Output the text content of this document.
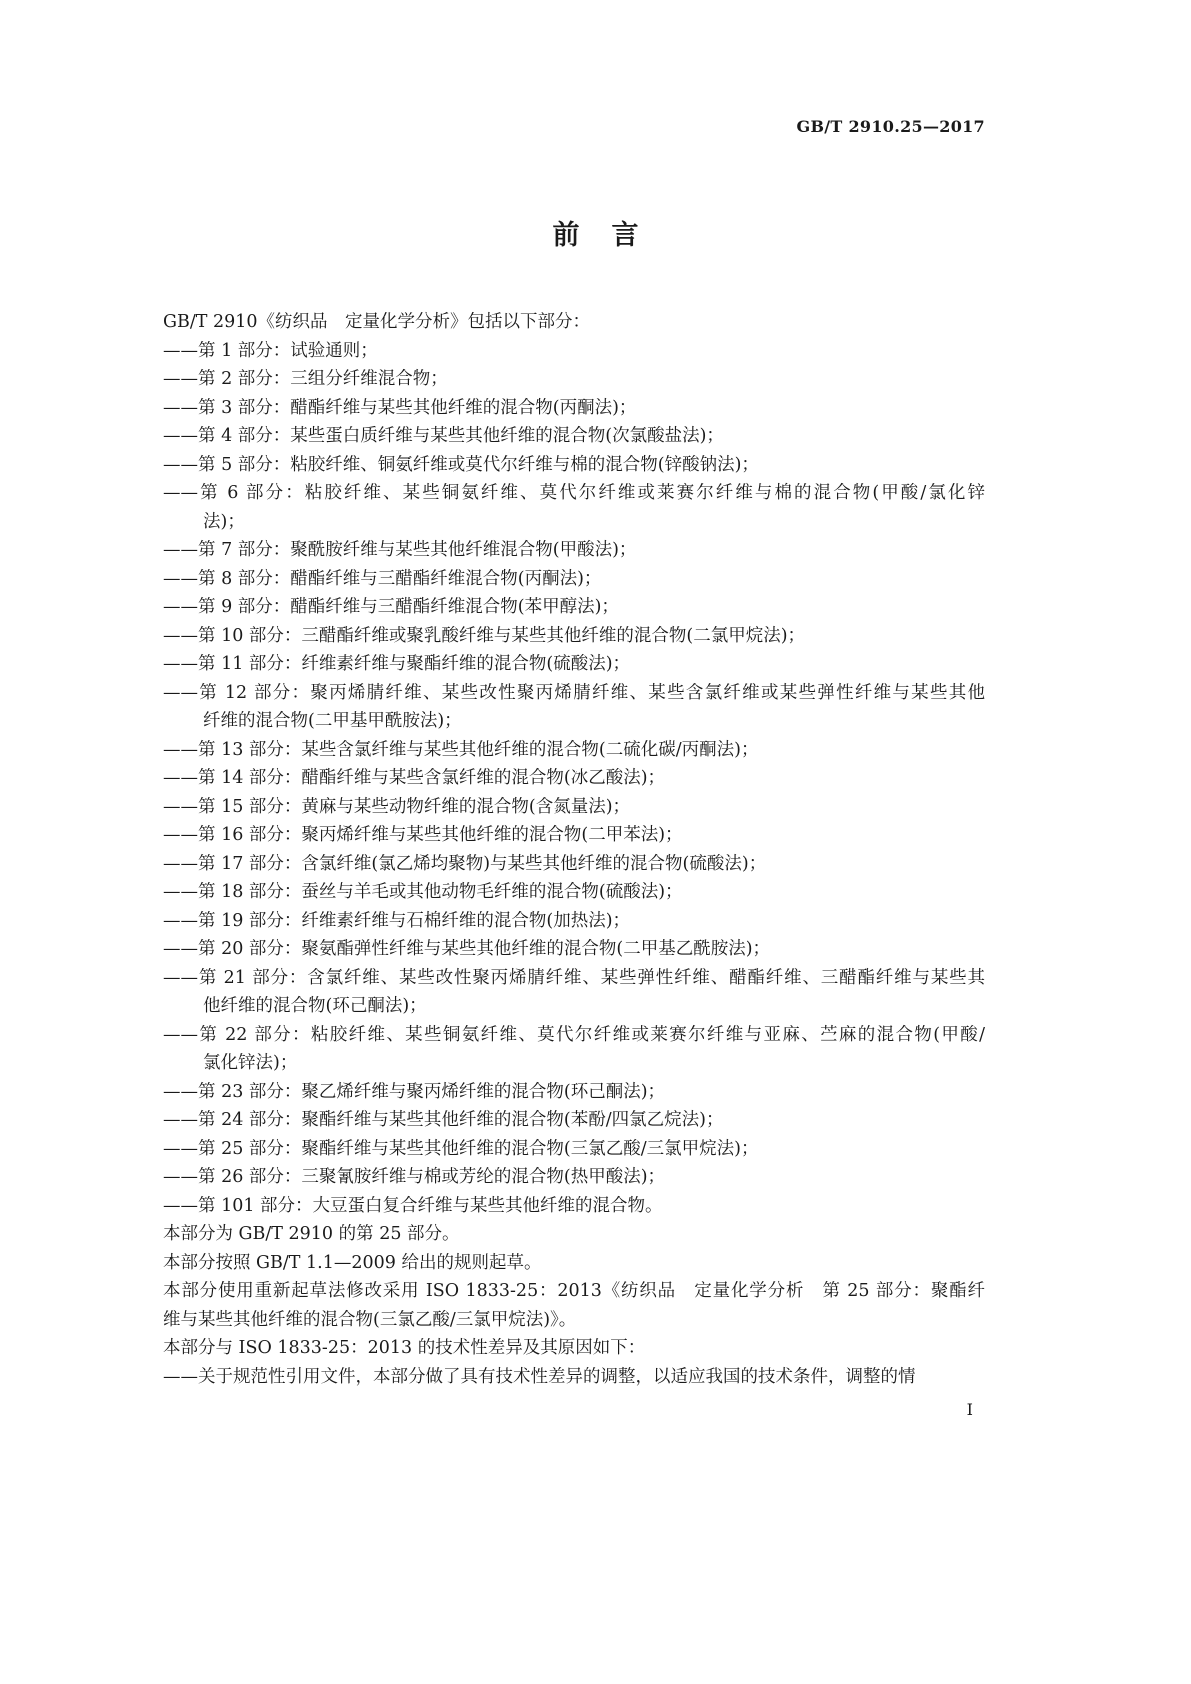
GB/T 2910.25—2017
前 言
GB/T 2910《纺织品　定量化学分析》包括以下部分：
——第 1 部分：试验通则；
——第 2 部分：三组分纤维混合物；
——第 3 部分：醋酯纤维与某些其他纤维的混合物(丙酮法)；
——第 4 部分：某些蛋白质纤维与某些其他纤维的混合物(次氯酸盐法)；
——第 5 部分：粘胶纤维、铜氨纤维或莫代尔纤维与棉的混合物(锌酸钠法)；
——第 6 部分：粘胶纤维、某些铜氨纤维、莫代尔纤维或莱赛尔纤维与棉的混合物(甲酸/氯化锌
法)；
——第 7 部分：聚酰胺纤维与某些其他纤维混合物(甲酸法)；
——第 8 部分：醋酯纤维与三醋酯纤维混合物(丙酮法)；
——第 9 部分：醋酯纤维与三醋酯纤维混合物(苯甲醇法)；
——第 10 部分：三醋酯纤维或聚乳酸纤维与某些其他纤维的混合物(二氯甲烷法)；
——第 11 部分：纤维素纤维与聚酯纤维的混合物(硫酸法)；
——第 12 部分：聚丙烯腈纤维、某些改性聚丙烯腈纤维、某些含氯纤维或某些弹性纤维与某些其他
纤维的混合物(二甲基甲酰胺法)；
——第 13 部分：某些含氯纤维与某些其他纤维的混合物(二硫化碳/丙酮法)；
——第 14 部分：醋酯纤维与某些含氯纤维的混合物(冰乙酸法)；
——第 15 部分：黄麻与某些动物纤维的混合物(含氮量法)；
——第 16 部分：聚丙烯纤维与某些其他纤维的混合物(二甲苯法)；
——第 17 部分：含氯纤维(氯乙烯均聚物)与某些其他纤维的混合物(硫酸法)；
——第 18 部分：蚕丝与羊毛或其他动物毛纤维的混合物(硫酸法)；
——第 19 部分：纤维素纤维与石棉纤维的混合物(加热法)；
——第 20 部分：聚氨酯弹性纤维与某些其他纤维的混合物(二甲基乙酰胺法)；
——第 21 部分：含氯纤维、某些改性聚丙烯腈纤维、某些弹性纤维、醋酯纤维、三醋酯纤维与某些其
他纤维的混合物(环己酮法)；
——第 22 部分：粘胶纤维、某些铜氨纤维、莫代尔纤维或莱赛尔纤维与亚麻、苎麻的混合物(甲酸/
氯化锌法)；
——第 23 部分：聚乙烯纤维与聚丙烯纤维的混合物(环己酮法)；
——第 24 部分：聚酯纤维与某些其他纤维的混合物(苯酚/四氯乙烷法)；
——第 25 部分：聚酯纤维与某些其他纤维的混合物(三氯乙酸/三氯甲烷法)；
——第 26 部分：三聚氰胺纤维与棉或芳纶的混合物(热甲酸法)；
——第 101 部分：大豆蛋白复合纤维与某些其他纤维的混合物。
本部分为 GB/T 2910 的第 25 部分。
本部分按照 GB/T 1.1—2009 给出的规则起草。
本部分使用重新起草法修改采用 ISO 1833-25：2013《纺织品　定量化学分析　第 25 部分：聚酯纤
维与某些其他纤维的混合物(三氯乙酸/三氯甲烷法)》。
本部分与 ISO 1833-25：2013 的技术性差异及其原因如下：
——关于规范性引用文件，本部分做了具有技术性差异的调整，以适应我国的技术条件，调整的情
I
